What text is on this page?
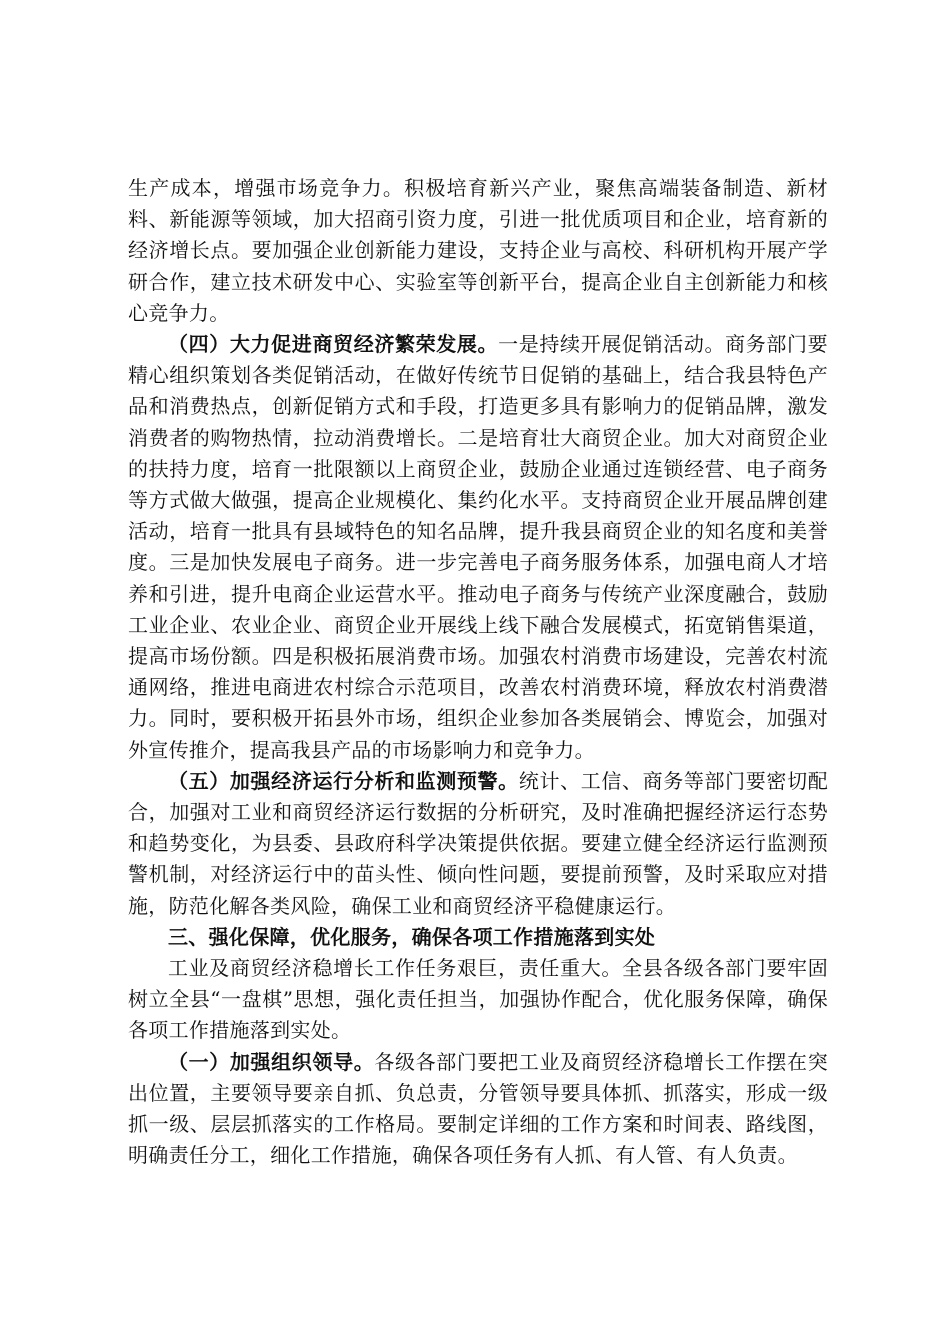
生产成本，增强市场竞争力。积极培育新兴产业，聚焦高端装备制造、新材料、新能源等领域，加大招商引资力度，引进一批优质项目和企业，培育新的经济增长点。要加强企业创新能力建设，支持企业与高校、科研机构开展产学研合作，建立技术研发中心、实验室等创新平台，提高企业自主创新能力和核心竞争力。

（四）大力促进商贸经济繁荣发展。一是持续开展促销活动。商务部门要精心组织策划各类促销活动，在做好传统节日促销的基础上，结合我县特色产品和消费热点，创新促销方式和手段，打造更多具有影响力的促销品牌，激发消费者的购物热情，拉动消费增长。二是培育壮大商贸企业。加大对商贸企业的扶持力度，培育一批限额以上商贸企业，鼓励企业通过连锁经营、电子商务等方式做大做强，提高企业规模化、集约化水平。支持商贸企业开展品牌创建活动，培育一批具有县域特色的知名品牌，提升我县商贸企业的知名度和美誉度。三是加快发展电子商务。进一步完善电子商务服务体系，加强电商人才培养和引进，提升电商企业运营水平。推动电子商务与传统产业深度融合，鼓励工业企业、农业企业、商贸企业开展线上线下融合发展模式，拓宽销售渠道，提高市场份额。四是积极拓展消费市场。加强农村消费市场建设，完善农村流通网络，推进电商进农村综合示范项目，改善农村消费环境，释放农村消费潜力。同时，要积极开拓县外市场，组织企业参加各类展销会、博览会，加强对外宣传推介，提高我县产品的市场影响力和竞争力。

（五）加强经济运行分析和监测预警。统计、工信、商务等部门要密切配合，加强对工业和商贸经济运行数据的分析研究，及时准确把握经济运行态势和趋势变化，为县委、县政府科学决策提供依据。要建立健全经济运行监测预警机制，对经济运行中的苗头性、倾向性问题，要提前预警，及时采取应对措施，防范化解各类风险，确保工业和商贸经济平稳健康运行。

三、强化保障，优化服务，确保各项工作措施落到实处

工业及商贸经济稳增长工作任务艰巨，责任重大。全县各级各部门要牢固树立全县“一盘棋”思想，强化责任担当，加强协作配合，优化服务保障，确保各项工作措施落到实处。

（一）加强组织领导。各级各部门要把工业及商贸经济稳增长工作摆在突出位置，主要领导要亲自抓、负总责，分管领导要具体抓、抓落实，形成一级抓一级、层层抓落实的工作格局。要制定详细的工作方案和时间表、路线图，明确责任分工，细化工作措施，确保各项任务有人抓、有人管、有人负责。
